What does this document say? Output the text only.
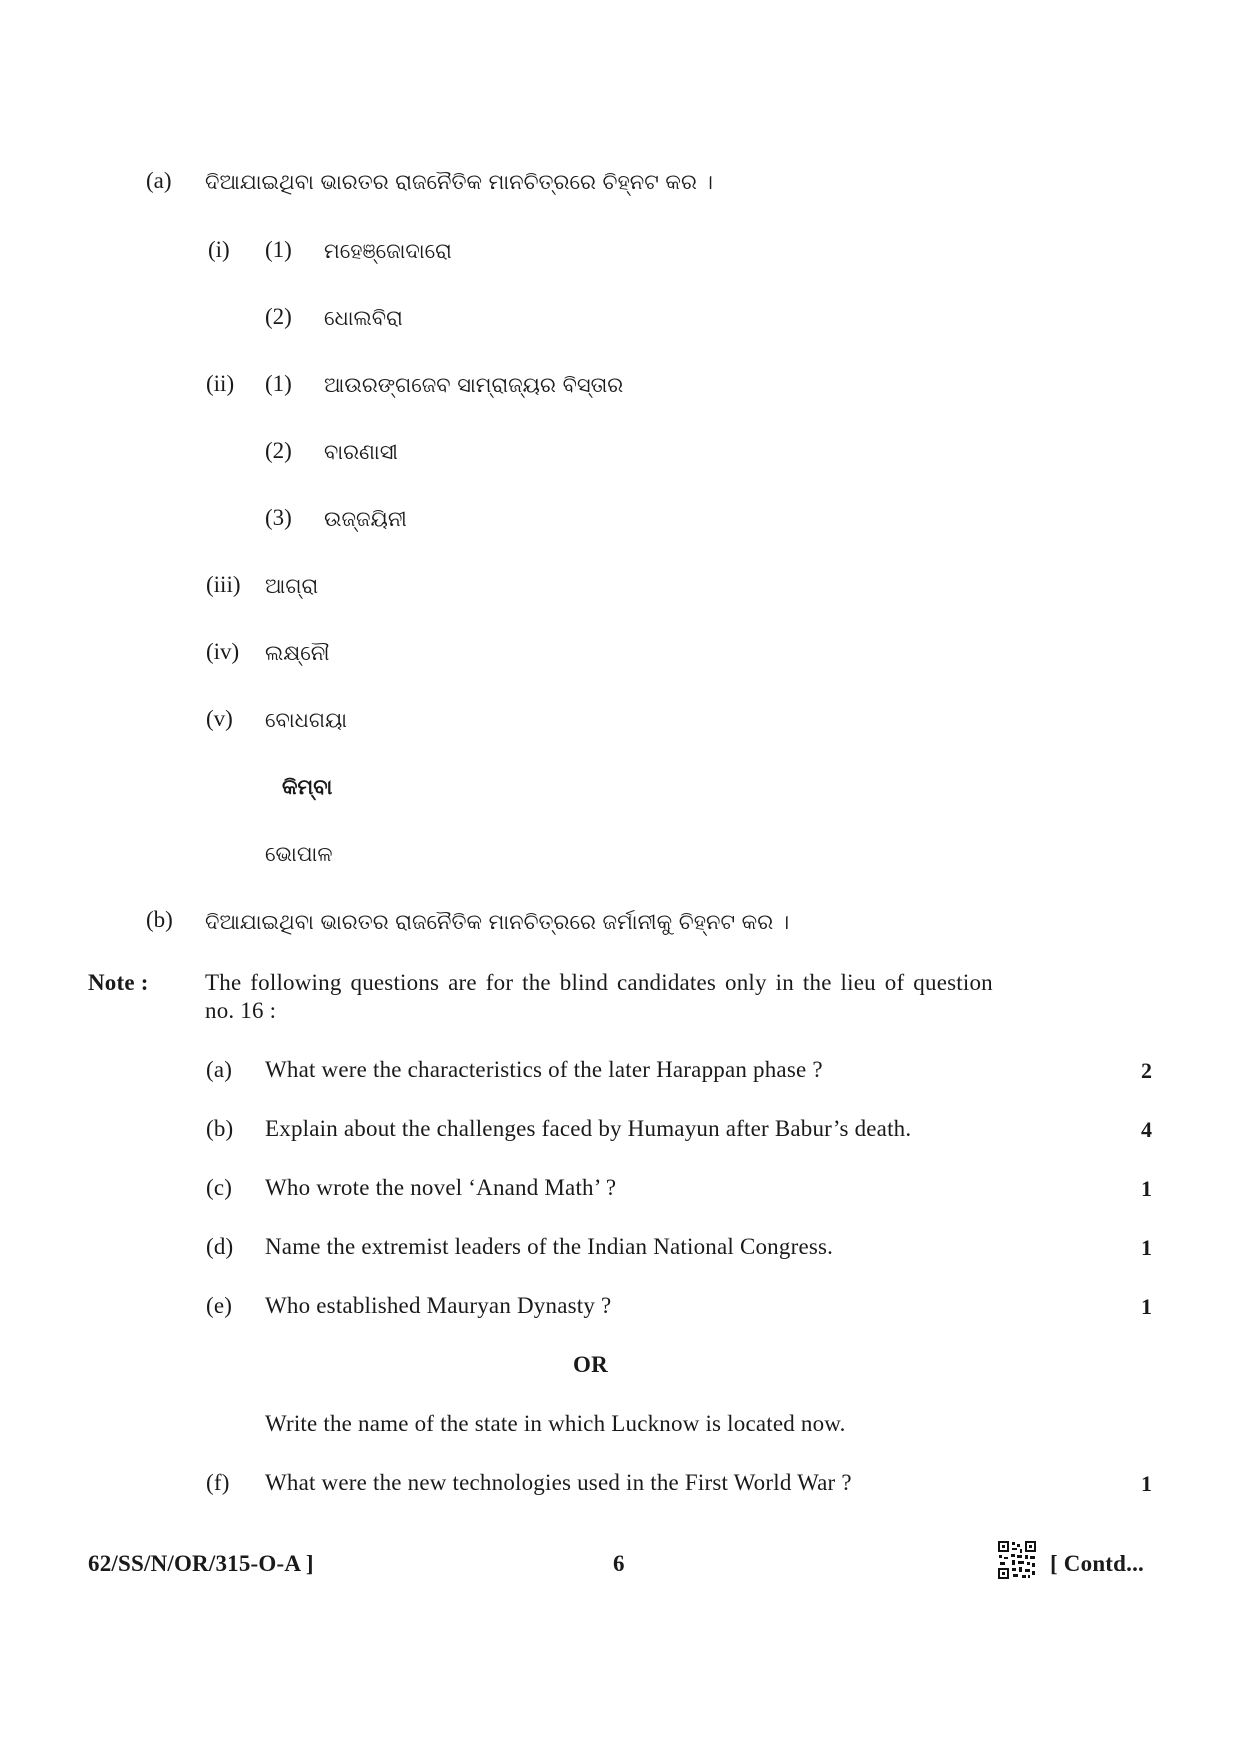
(a) ଦିଆଯାଇଥିବା ଭାରତର ରାଜନୈତିକ ମାନଚିତ୍ରରେ ଚିହ୍ନଟ କର ।
(i) (1) ମହେଞ୍ଜୋଦାରୋ
(2) ଧୋଲବିରା
(ii) (1) ଆଉରଙ୍ଗଜେବ ସାମ୍ରାଜ୍ୟର ବିସ୍ତାର
(2) ବାରଣାସୀ
(3) ଉଜ୍ଜୟିନୀ
(iii) ଆଗ୍ରା
(iv) ଲକ୍ଷ୍ନୌ
(v) ବୋଧଗୟା
କିମ୍ବା
ଭୋପାଳ
(b) ଦିଆଯାଇଥିବା ଭାରତର ରାଜନୈତିକ ମାନଚିତ୍ରରେ ଜର୍ମାନୀକୁ ଚିହ୍ନଟ କର ।
Note : The following questions are for the blind candidates only in the lieu of question
no. 16 :
(a) What were the characteristics of the later Harappan phase ?	2
(b) Explain about the challenges faced by Humayun after Babur’s death.	4
(c) Who wrote the novel ‘Anand Math’ ?	1
(d) Name the extremist leaders of the Indian National Congress.	1
(e) Who established Mauryan Dynasty ?	1
OR
Write the name of the state in which Lucknow is located now.
(f) What were the new technologies used in the First World War ?	1
62/SS/N/OR/315-O-A ]	6	[ Contd...
